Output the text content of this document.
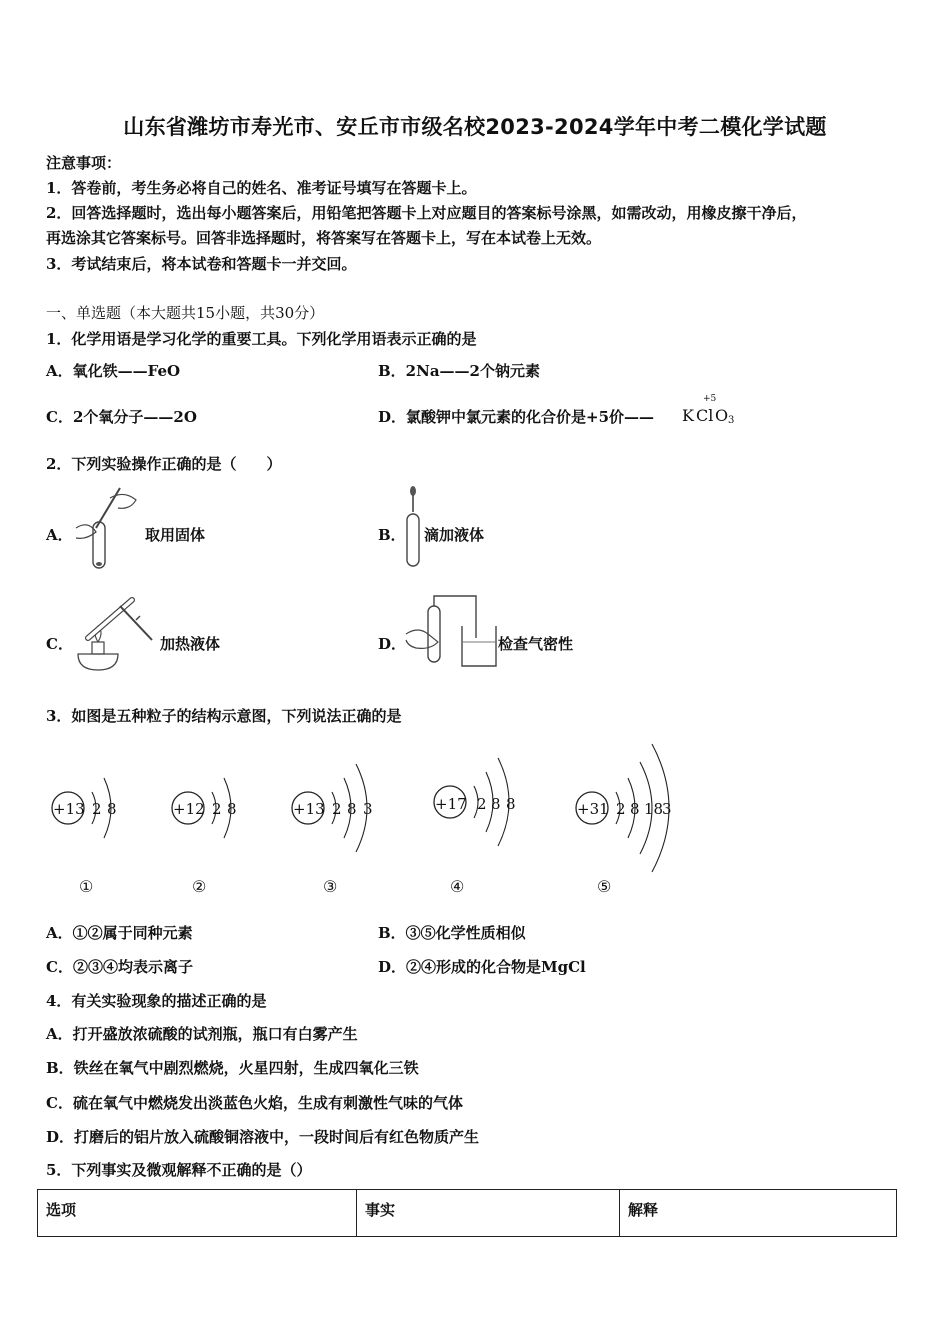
山东省潍坊市寿光市、安丘市市级名校2023-2024学年中考二模化学试题
注意事项：
1．答卷前，考生务必将自己的姓名、准考证号填写在答题卡上。
2．回答选择题时，选出每小题答案后，用铅笔把答题卡上对应题目的答案标号涂黑，如需改动，用橡皮擦干净后，
再选涂其它答案标号。回答非选择题时，将答案写在答题卡上，写在本试卷上无效。
3．考试结束后，将本试卷和答题卡一并交回。
一、单选题（本大题共15小题，共30分）
1．化学用语是学习化学的重要工具。下列化学用语表示正确的是
A．氧化铁——FeO	B．2Na——2个钠元素
C．2个氧分子——2O	D．氯酸钾中氯元素的化合价是+5价—— K Cl
+5
O 3
2．下列实验操作正确的是（　　）
A．	取用固体	B． 滴加液体
C．	加热液体	D．	检查气密性
3．如图是五种粒子的结构示意图，下列说法正确的是
+13 2 8
①
+12 2 8
②
+13 2 8 3
③
+17 2 8 8
④
+31 2 8 18
3
⑤
A．①②属于同种元素	B．③⑤化学性质相似
C．②③④均表示离子	D．②④形成的化合物是MgCl
4．有关实验现象的描述正确的是
A．打开盛放浓硫酸的试剂瓶，瓶口有白雾产生
B．铁丝在氧气中剧烈燃烧，火星四射，生成四氧化三铁
C．硫在氧气中燃烧发出淡蓝色火焰，生成有刺激性气味的气体
D．打磨后的铝片放入硫酸铜溶液中，一段时间后有红色物质产生
5．下列事实及微观解释不正确的是（）
选项	事实	解释
